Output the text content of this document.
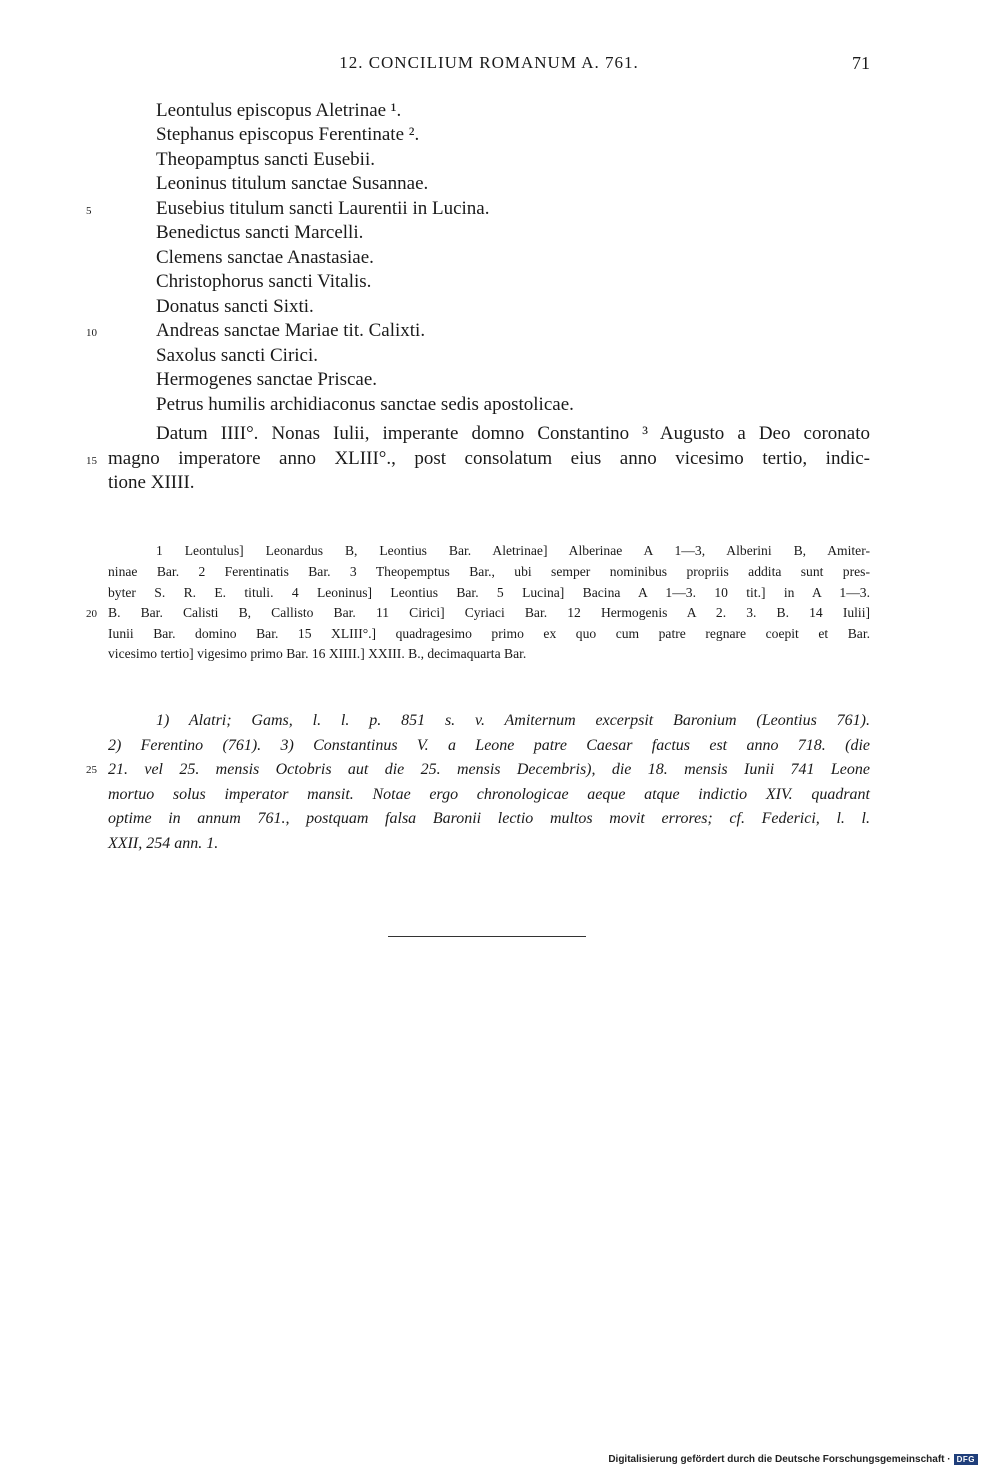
12. CONCILIUM ROMANUM A. 761.	71
Leontulus episcopus Aletrinae ¹.
Stephanus episcopus Ferentinate ².
Theopamptus sancti Eusebii.
Leoninus titulum sanctae Susannae.
Eusebius titulum sancti Laurentii in Lucina.
Benedictus sancti Marcelli.
Clemens sanctae Anastasiae.
Christophorus sancti Vitalis.
Donatus sancti Sixti.
Andreas sanctae Mariae tit. Calixti.
Saxolus sancti Cirici.
Hermogenes sanctae Priscae.
Petrus humilis archidiaconus sanctae sedis apostolicae.
Datum IIII°. Nonas Iulii, imperante domno Constantino ³ Augusto a Deo coronato
magno imperatore anno XLIII°., post consolatum eius anno vicesimo tertio, indic-
tione XIIII.
5
10
15
1 Leontulus] Leonardus B, Leontius Bar. Aletrinae] Alberinae A 1—3, Alberini B, Amiter-
ninae Bar. 2 Ferentinatis Bar. 3 Theopemptus Bar., ubi semper nominibus propriis addita sunt pres-
byter S. R. E. tituli. 4 Leoninus] Leontius Bar. 5 Lucina] Bacina A 1—3. 10 tit.] in A 1—3.
B. Bar. Calisti B, Callisto Bar. 11 Cirici] Cyriaci Bar. 12 Hermogenis A 2. 3. B. 14 Iulii]
Iunii Bar. domino Bar. 15 XLIII°.] quadragesimo primo ex quo cum patre regnare coepit et Bar.
vicesimo tertio] vigesimo primo Bar. 16 XIIII.] XXIII. B., decimaquarta Bar.
20
1) Alatri; Gams, l. l. p. 851 s. v. Amiternum excerpsit Baronium (Leontius 761).
2) Ferentino (761). 3) Constantinus V. a Leone patre Caesar factus est anno 718. (die
21. vel 25. mensis Octobris aut die 25. mensis Decembris), die 18. mensis Iunii 741 Leone
mortuo solus imperator mansit. Notae ergo chronologicae aeque atque indictio XIV. quadrant
optime in annum 761., postquam falsa Baronii lectio multos movit errores; cf. Federici, l. l.
XXII, 254 ann. 1.
25
Digitalisierung gefördert durch die Deutsche Forschungsgemeinschaft · DFG
